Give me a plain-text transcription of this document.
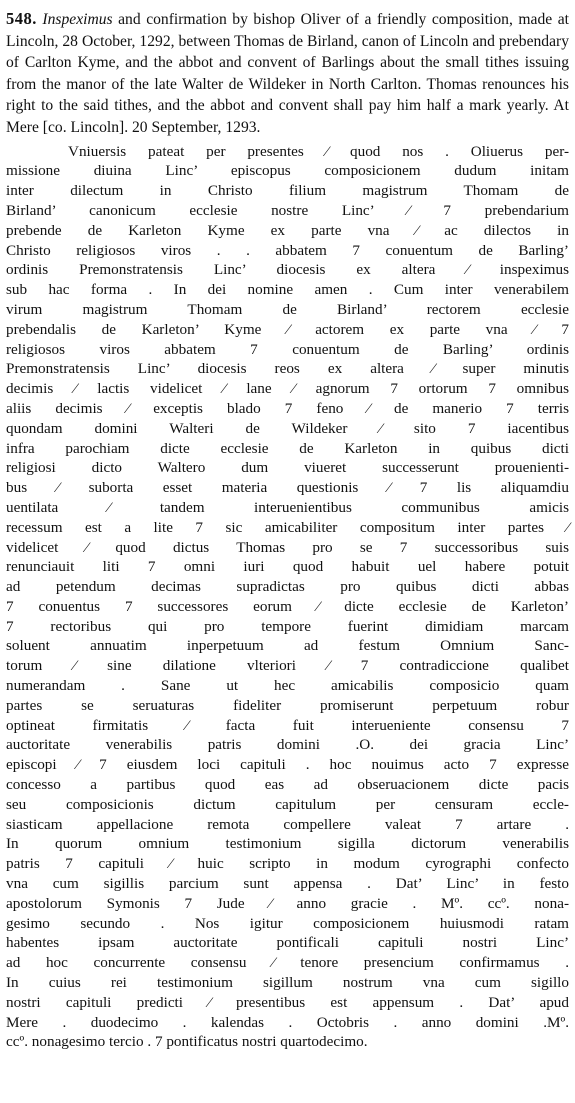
548. Inspeximus and confirmation by bishop Oliver of a friendly composition, made at Lincoln, 28 October, 1292, between Thomas de Birland, canon of Lincoln and prebendary of Carlton Kyme, and the abbot and convent of Barlings about the small tithes issuing from the manor of the late Walter de Wildeker in North Carlton. Thomas renounces his right to the said tithes, and the abbot and convent shall pay him half a mark yearly. At Mere [co. Lincoln]. 20 September, 1293.

Vniuersis pateat per presentes ⁄ quod nos . Oliuerus per-
missione diuina Linc’ episcopus composicionem dudum initam
inter dilectum in Christo filium magistrum Thomam de
Birland’ canonicum ecclesie nostre Linc’ ⁄ 7 prebendarium
prebende de Karleton Kyme ex parte vna ⁄ ac dilectos in
Christo religiosos viros . . abbatem 7 conuentum de Barling’
ordinis Premonstratensis Linc’ diocesis ex altera ⁄ inspeximus
sub hac forma . In dei nomine amen . Cum inter venerabilem
virum magistrum Thomam de Birland’ rectorem ecclesie
prebendalis de Karleton’ Kyme ⁄ actorem ex parte vna ⁄ 7
religiosos viros abbatem 7 conuentum de Barling’ ordinis
Premonstratensis Linc’ diocesis reos ex altera ⁄ super minutis
decimis ⁄ lactis videlicet ⁄ lane ⁄ agnorum 7 ortorum 7 omnibus
aliis decimis ⁄ exceptis blado 7 feno ⁄ de manerio 7 terris
quondam domini Walteri de Wildeker ⁄ sito 7 iacentibus
infra parochiam dicte ecclesie de Karleton in quibus dicti
religiosi dicto Waltero dum viueret successerunt prouenienti-
bus ⁄ suborta esset materia questionis ⁄ 7 lis aliquamdiu
uentilata ⁄ tandem interuenientibus communibus amicis
recessum est a lite 7 sic amicabiliter compositum inter partes ⁄
videlicet ⁄ quod dictus Thomas pro se 7 successoribus suis
renunciauit liti 7 omni iuri quod habuit uel habere potuit
ad petendum decimas supradictas pro quibus dicti abbas
7 conuentus 7 successores eorum ⁄ dicte ecclesie de Karleton’
7 rectoribus qui pro tempore fuerint dimidiam marcam
soluent annuatim inperpetuum ad festum Omnium Sanc-
torum ⁄ sine dilatione vlteriori ⁄ 7 contradiccione qualibet
numerandam . Sane ut hec amicabilis composicio quam
partes se seruaturas fideliter promiserunt perpetuum robur
optineat firmitatis ⁄ facta fuit interueniente consensu 7
auctoritate venerabilis patris domini .O. dei gracia Linc’
episcopi ⁄ 7 eiusdem loci capituli . hoc nouimus acto 7 expresse
concesso a partibus quod eas ad obseruacionem dicte pacis
seu composicionis dictum capitulum per censuram eccle-
siasticam appellacione remota compellere valeat 7 artare .
In quorum omnium testimonium sigilla dictorum venerabilis
patris 7 capituli ⁄ huic scripto in modum cyrographi confecto
vna cum sigillis parcium sunt appensa . Dat’ Linc’ in festo
apostolorum Symonis 7 Jude ⁄ anno gracie . Mº. ccº. nona-
gesimo secundo . Nos igitur composicionem huiusmodi ratam
habentes ipsam auctoritate pontificali capituli nostri Linc’
ad hoc concurrente consensu ⁄ tenore presencium confirmamus .
In cuius rei testimonium sigillum nostrum vna cum sigillo
nostri capituli predicti ⁄ presentibus est appensum . Dat’ apud
Mere . duodecimo . kalendas . Octobris . anno domini .Mº.
ccº. nonagesimo tercio . 7 pontificatus nostri quartodecimo.
